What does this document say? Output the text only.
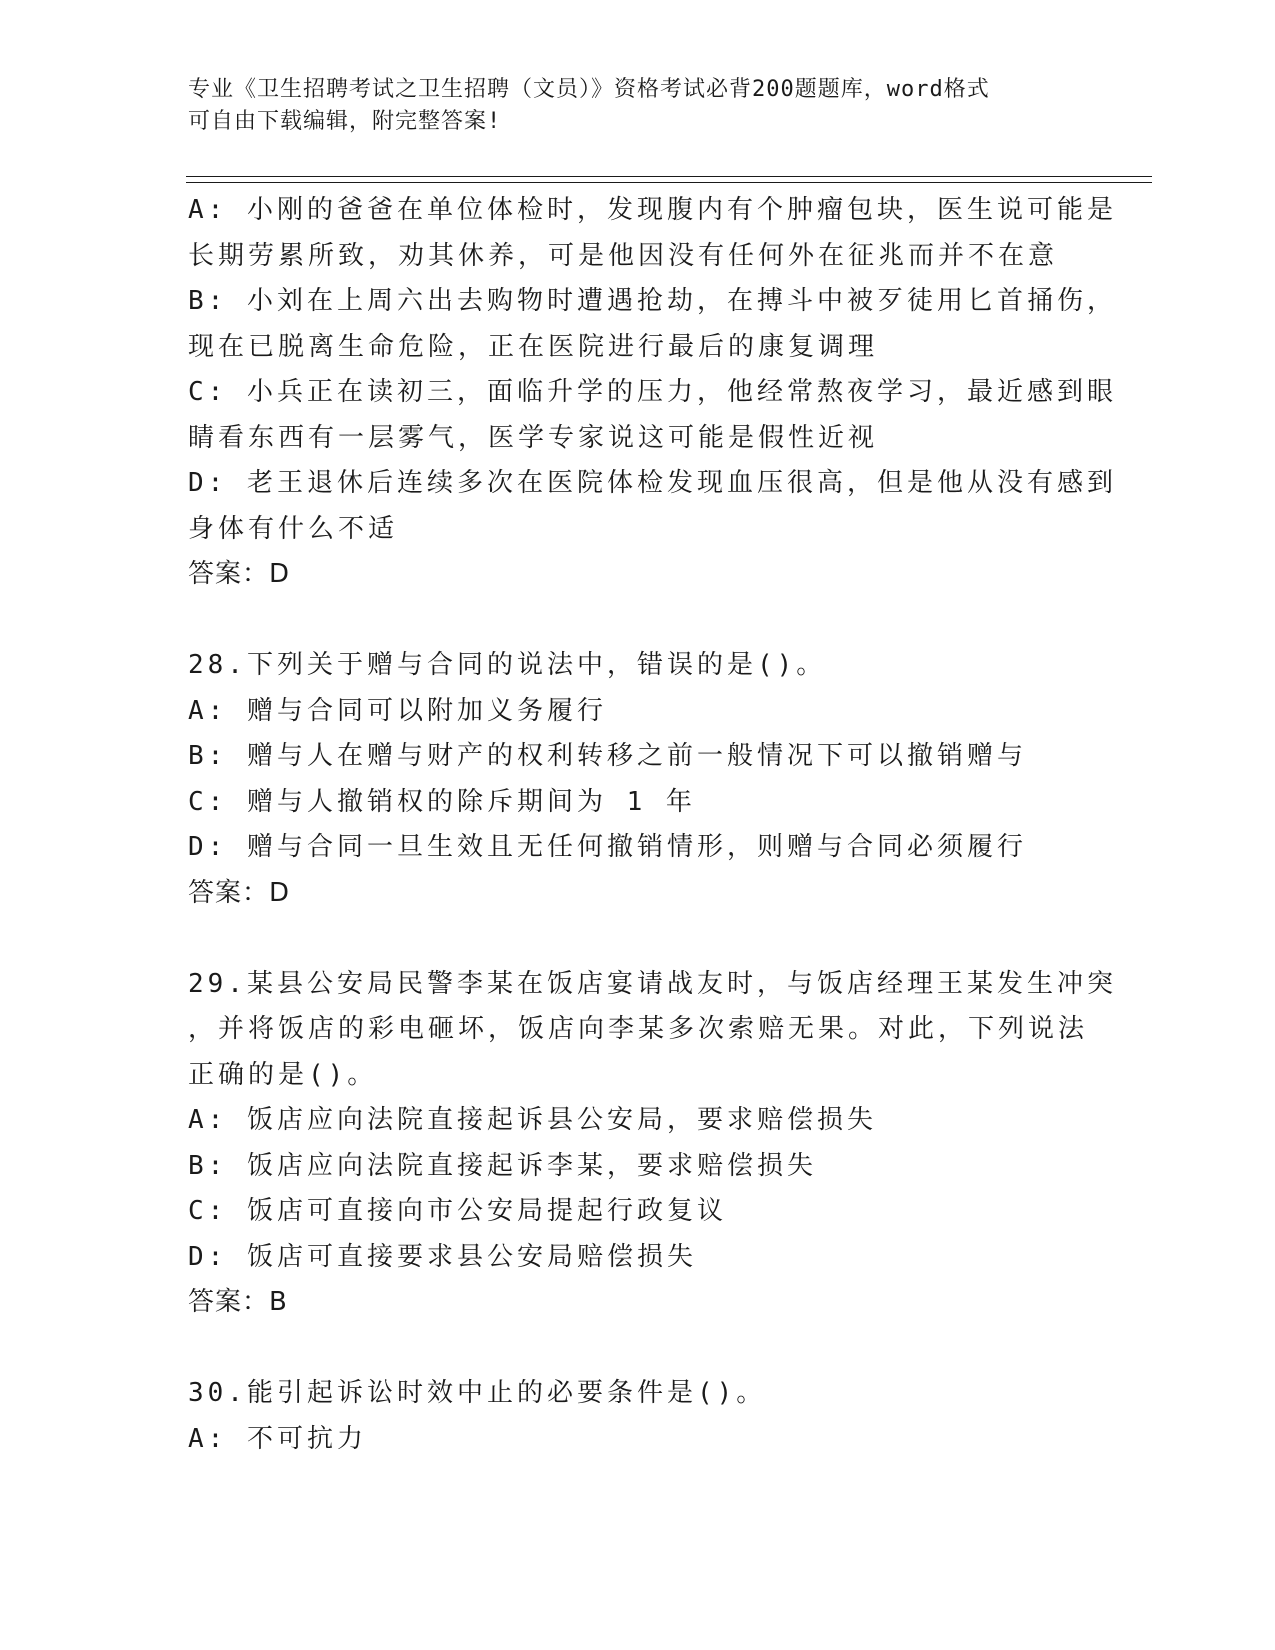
专业《卫生招聘考试之卫生招聘（文员）》资格考试必背200题题库，word格式
可自由下载编辑，附完整答案!
A: 小刚的爸爸在单位体检时，发现腹内有个肿瘤包块，医生说可能是
长期劳累所致，劝其休养，可是他因没有任何外在征兆而并不在意
B: 小刘在上周六出去购物时遭遇抢劫，在搏斗中被歹徒用匕首捅伤，
现在已脱离生命危险，正在医院进行最后的康复调理
C: 小兵正在读初三，面临升学的压力，他经常熬夜学习，最近感到眼
睛看东西有一层雾气，医学专家说这可能是假性近视
D: 老王退休后连续多次在医院体检发现血压很高，但是他从没有感到
身体有什么不适
答案：D
28.下列关于赠与合同的说法中，错误的是()。
A: 赠与合同可以附加义务履行
B: 赠与人在赠与财产的权利转移之前一般情况下可以撤销赠与
C: 赠与人撤销权的除斥期间为 1 年
D: 赠与合同一旦生效且无任何撤销情形，则赠与合同必须履行
答案：D
29.某县公安局民警李某在饭店宴请战友时，与饭店经理王某发生冲突
，并将饭店的彩电砸坏，饭店向李某多次索赔无果。对此，下列说法
正确的是()。
A: 饭店应向法院直接起诉县公安局，要求赔偿损失
B: 饭店应向法院直接起诉李某，要求赔偿损失
C: 饭店可直接向市公安局提起行政复议
D: 饭店可直接要求县公安局赔偿损失
答案：B
30.能引起诉讼时效中止的必要条件是()。
A: 不可抗力
